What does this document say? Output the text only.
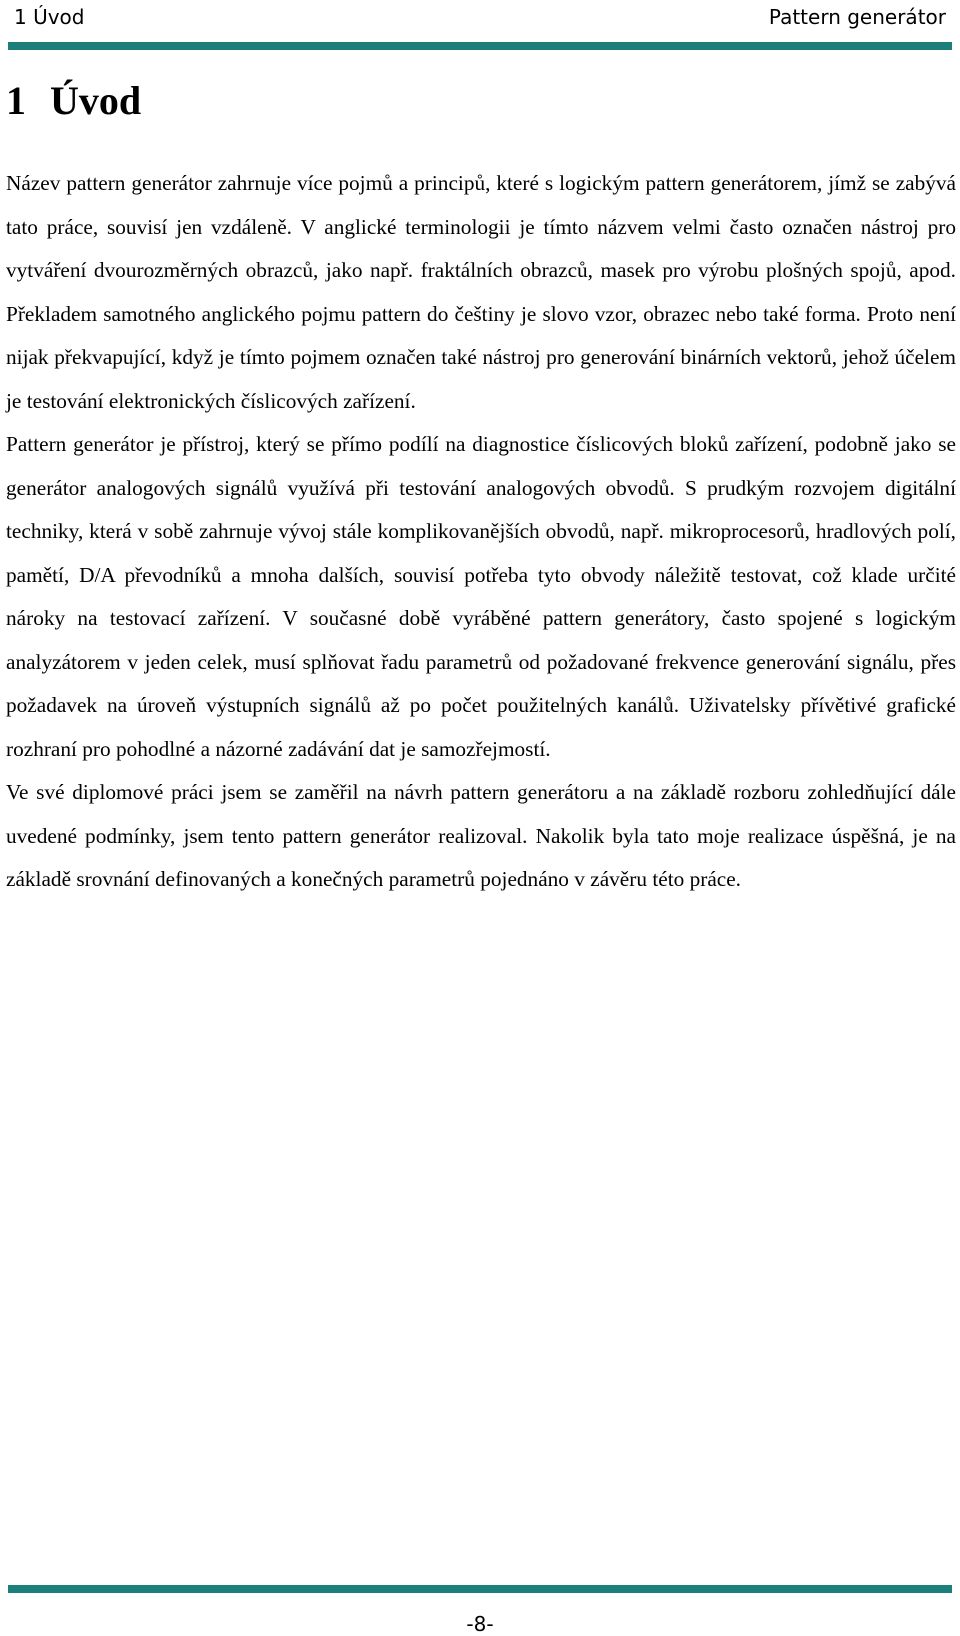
1 Úvod	Pattern generátor
1 Úvod

Název pattern generátor zahrnuje více pojmů a principů, které s logickým pattern generátorem, jímž se zabývá tato práce, souvisí jen vzdáleně. V anglické terminologii je tímto názvem velmi často označen nástroj pro vytváření dvourozměrných obrazců, jako např. fraktálních obrazců, masek pro výrobu plošných spojů, apod. Překladem samotného anglického pojmu pattern do češtiny je slovo vzor, obrazec nebo také forma. Proto není nijak překvapující, když je tímto pojmem označen také nástroj pro generování binárních vektorů, jehož účelem je testování elektronických číslicových zařízení.

Pattern generátor je přístroj, který se přímo podílí na diagnostice číslicových bloků zařízení, podobně jako se generátor analogových signálů využívá při testování analogových obvodů. S prudkým rozvojem digitální techniky, která v sobě zahrnuje vývoj stále komplikovanějších obvodů, např. mikroprocesorů, hradlových polí, pamětí, D/A převodníků a mnoha dalších, souvisí potřeba tyto obvody náležitě testovat, což klade určité nároky na testovací zařízení. V současné době vyráběné pattern generátory, často spojené s logickým analyzátorem v jeden celek, musí splňovat řadu parametrů od požadované frekvence generování signálu, přes požadavek na úroveň výstupních signálů až po počet použitelných kanálů. Uživatelsky přívětivé grafické rozhraní pro pohodlné a názorné zadávání dat je samozřejmostí.

Ve své diplomové práci jsem se zaměřil na návrh pattern generátoru a na základě rozboru zohledňující dále uvedené podmínky, jsem tento pattern generátor realizoval. Nakolik byla tato moje realizace úspěšná, je na základě srovnání definovaných a konečných parametrů pojednáno v závěru této práce.

-8-
